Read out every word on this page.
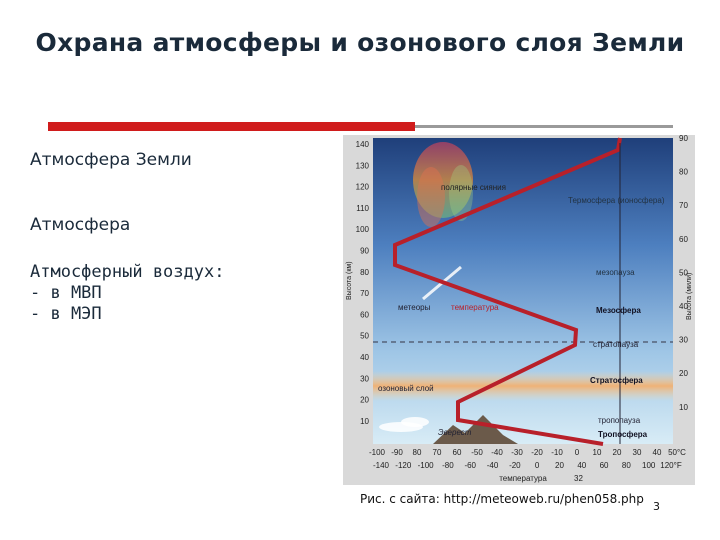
Охрана атмосферы и озонового слоя Земли
Атмосфера Земли
Атмосфера
Атмосферный воздух:
- в МВП
- в МЭП
140
130
120
110
100
90
80
70
60
50
40
30
20
10
90
80
70
60
50
40
30
20
10
-100 -90 80 70 60 -50 -40 -30 -20 -10 0 10 20 30 40 50°C
-140 -120 -100 -80 -60 -40 -20 0 20 40 60 80 100 120°F
полярные сияния
Термосфера (ионосфера)
мезопауза
метеоры	температура	Мезосфера
стратопауза
озоновый слой
Стратосфера
тропопауза
Тропосфера
Эверест
Высота (км)	Высота (мили)
температура	32
Рис. с сайта: http://meteoweb.ru/phen058.php
3
